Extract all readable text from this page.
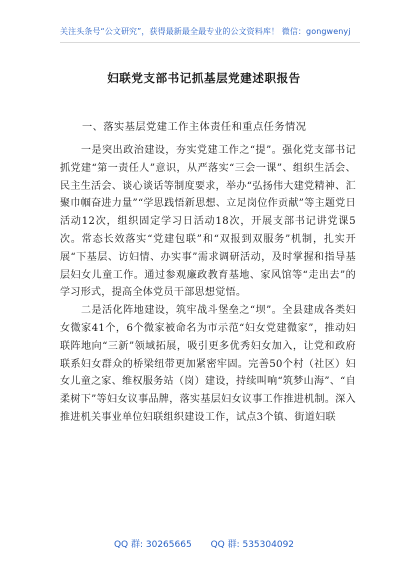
关注头条号“公文研究”，获得最新最全最专业的公文资料库！ 微信：gongwenyj
妇联党支部书记抓基层党建述职报告
一、落实基层党建工作主体责任和重点任务情况

一是突出政治建设，夯实党建工作之“提”。强化党支部书记抓党建“第一责任人”意识，从严落实“三会一课”、组织生活会、民主生活会、谈心谈话等制度要求，举办“弘扬伟大建党精神、汇聚巾帼奋进力量”“学思践悟新思想、立足岗位作贡献”等主题党日活动12次，组织固定学习日活动18次，开展支部书记讲党课5次。常态长效落实“党建包联”和“双报到双服务”机制，扎实开展“下基层、访妇情、办实事”需求调研活动，及时掌握和指导基层妇女儿童工作。通过参观廉政教育基地、家风馆等“走出去”的学习形式，提高全体党员干部思想觉悟。

二是活化阵地建设，筑牢战斗堡垒之“坝”。全县建成各类妇女微家41个，6个微家被命名为市示范“妇女党建微家”，推动妇联阵地向“三新”领域拓展，吸引更多优秀妇女加入，让党和政府联系妇女群众的桥梁纽带更加紧密牢固。完善50个村（社区）妇女儿童之家、维权服务站（岗）建设，持续叫响“筑梦山海”、“自柔树下”等妇女议事品牌，落实基层妇女议事工作推进机制。深入推进机关事业单位妇联组织建设工作，试点3个镇、街道妇联

QQ 群: 30265665 QQ 群: 535304092
